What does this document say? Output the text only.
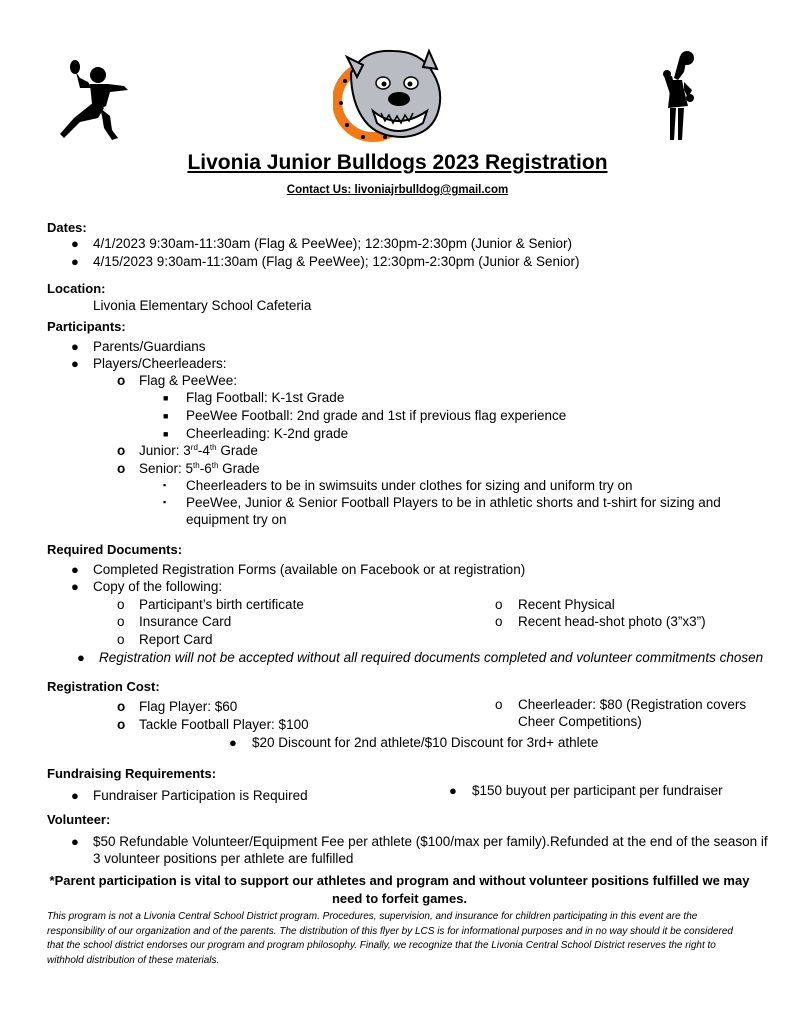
Livonia Junior Bulldogs 2023 Registration
Contact Us: livoniajrbulldog@gmail.com
Dates:
● 4/1/2023 9:30am-11:30am (Flag & PeeWee); 12:30pm-2:30pm (Junior & Senior)
● 4/15/2023 9:30am-11:30am (Flag & PeeWee); 12:30pm-2:30pm (Junior & Senior)
Location:
Livonia Elementary School Cafeteria
Participants:
● Parents/Guardians
● Players/Cheerleaders:
o Flag & PeeWee:
■ Flag Football: K-1st Grade
■ PeeWee Football: 2nd grade and 1st if previous flag experience
■ Cheerleading: K-2nd grade
o Junior: 3rd-4th Grade
o Senior: 5th-6th Grade
▪ Cheerleaders to be in swimsuits under clothes for sizing and uniform try on
▪ PeeWee, Junior & Senior Football Players to be in athletic shorts and t-shirt for sizing and
equipment try on
Required Documents:
● Completed Registration Forms (available on Facebook or at registration)
● Copy of the following:
o Participant’s birth certificate
o Insurance Card
o Report Card
o Recent Physical
o Recent head-shot photo (3”x3”)
● Registration will not be accepted without all required documents completed and volunteer commitments chosen
Registration Cost:
o Flag Player: $60
o Tackle Football Player: $100
o Cheerleader: $80 (Registration covers
Cheer Competitions)
● $20 Discount for 2nd athlete/$10 Discount for 3rd+ athlete
Fundraising Requirements:
● Fundraiser Participation is Required	● $150 buyout per participant per fundraiser
Volunteer:
● $50 Refundable Volunteer/Equipment Fee per athlete ($100/max per family).Refunded at the end of the season if
3 volunteer positions per athlete are fulfilled
*Parent participation is vital to support our athletes and program and without volunteer positions fulfilled we may need to forfeit games.
This program is not a Livonia Central School District program. Procedures, supervision, and insurance for children participating in this event are the responsibility of our organization and of the parents. The distribution of this flyer by LCS is for informational purposes and in no way should it be considered that the school district endorses our program and program philosophy. Finally, we recognize that the Livonia Central School District reserves the right to withhold distribution of these materials.
